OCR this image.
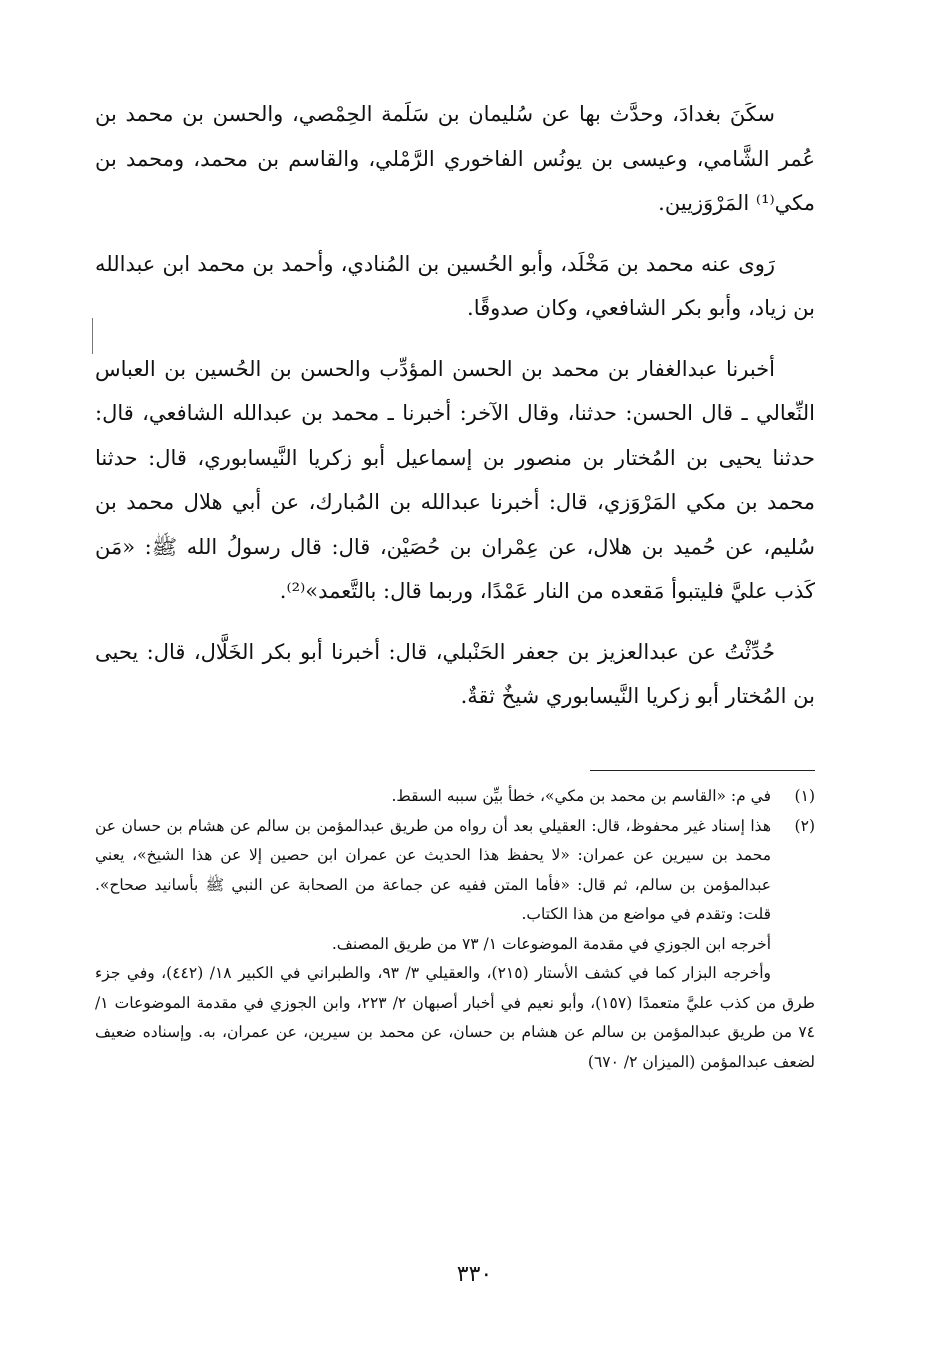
سكَنَ بغدادَ، وحدَّث بها عن سُليمان بن سَلَمة الحِمْصي، والحسن بن محمد بن عُمر الشَّامي، وعيسى بن يونُس الفاخوري الرَّمْلي، والقاسم بن محمد، ومحمد بن مكي⁽¹⁾ المَرْوَزيين.

رَوى عنه محمد بن مَخْلَد، وأبو الحُسين بن المُنادي، وأحمد بن محمد ابن عبدالله بن زياد، وأبو بكر الشافعي، وكان صدوقًا.

أخبرنا عبدالغفار بن محمد بن الحسن المؤدِّب والحسن بن الحُسين بن العباس النِّعالي ـ قال الحسن: حدثنا، وقال الآخر: أخبرنا ـ محمد بن عبدالله الشافعي، قال: حدثنا يحيى بن المُختار بن منصور بن إسماعيل أبو زكريا النَّيسابوري، قال: حدثنا محمد بن مكي المَرْوَزي، قال: أخبرنا عبدالله بن المُبارك، عن أبي هلال محمد بن سُليم، عن حُميد بن هلال، عن عِمْران بن حُصَيْن، قال: قال رسولُ الله ﷺ: «مَن كَذب عليَّ فليتبوأ مَقعده من النار عَمْدًا، وربما قال: بالتَّعمد»⁽²⁾.

حُدِّثْتُ عن عبدالعزيز بن جعفر الحَنْبلي، قال: أخبرنا أبو بكر الخَلَّال، قال: يحيى بن المُختار أبو زكريا النَّيسابوري شيخٌ ثقةٌ.

(١)
في م: «القاسم بن محمد بن مكي»، خطأ بيِّن سببه السقط.
(٢)
هذا إسناد غير محفوظ، قال: العقيلي بعد أن رواه من طريق عبدالمؤمن بن سالم عن هشام بن حسان عن محمد بن سيرين عن عمران: «لا يحفظ هذا الحديث عن عمران ابن حصين إلا عن هذا الشيخ»، يعني عبدالمؤمن بن سالم، ثم قال: «فأما المتن ففيه عن جماعة من الصحابة عن النبي ﷺ بأسانيد صحاح». قلت: وتقدم في مواضع من هذا الكتاب.
أخرجه ابن الجوزي في مقدمة الموضوعات ١/ ٧٣ من طريق المصنف.
وأخرجه البزار كما في كشف الأستار (٢١٥)، والعقيلي ٣/ ٩٣، والطبراني في الكبير ١٨/ (٤٤٢)، وفي جزء طرق من كذب عليَّ متعمدًا (١٥٧)، وأبو نعيم في أخبار أصبهان ٢/ ٢٢٣، وابن الجوزي في مقدمة الموضوعات ١/ ٧٤ من طريق عبدالمؤمن بن سالم عن هشام بن حسان، عن محمد بن سيرين، عن عمران، به. وإسناده ضعيف لضعف عبدالمؤمن (الميزان ٢/ ٦٧٠)
٣٣٠
